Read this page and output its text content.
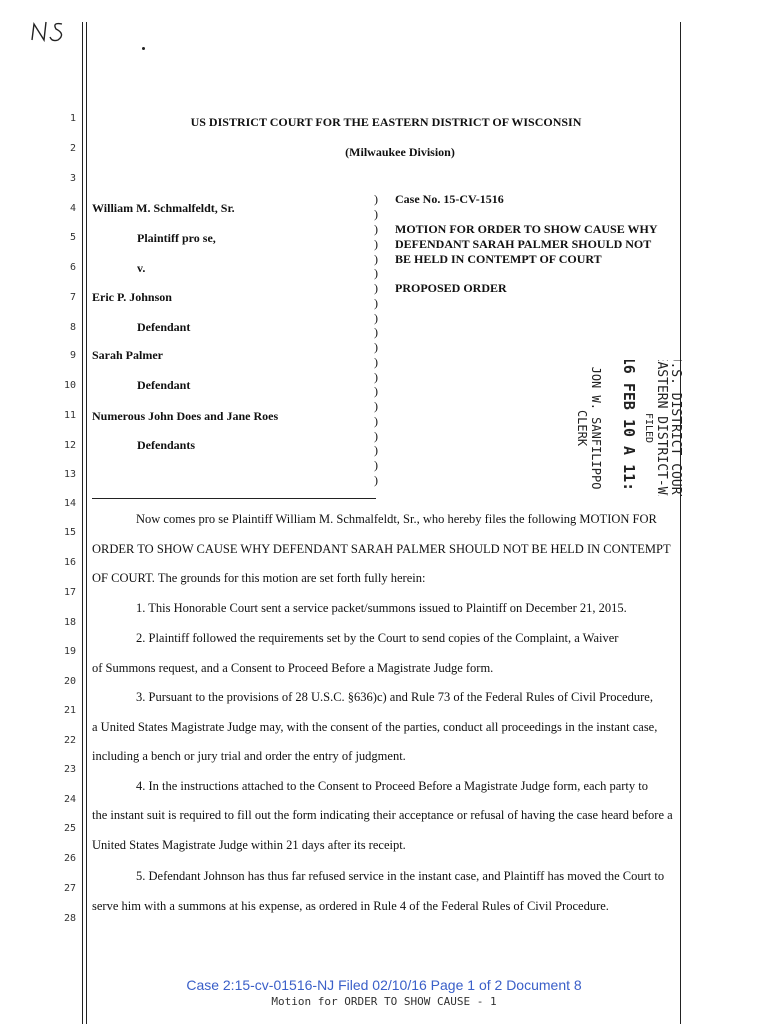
1
2
3
4
5
6
7
8
9
10
11
12
13
14
15
16
17
18
19
20
21
22
23
24
25
26
27
28
US DISTRICT COURT FOR THE EASTERN DISTRICT OF WISCONSIN
(Milwaukee Division)
William M. Schmalfeldt, Sr.
Plaintiff pro se,
v.
Eric P. Johnson
Defendant
Sarah Palmer
Defendant
Numerous John Does and Jane Roes
Defendants
)
)
)
)
)
)
)
)
)
)
)
)
)
)
)
)
)
)
)
)
Case No. 15-CV-1516
MOTION FOR ORDER TO SHOW CAUSE WHY
DEFENDANT SARAH PALMER SHOULD NOT
BE HELD IN CONTEMPT OF COURT
PROPOSED ORDER
U.S. DISTRICT COURT
EASTERN DISTRICT-WI
FILED
2016 FEB 10 A 11: 19
JON W. SANFILIPPO
CLERK
Now comes pro se Plaintiff William M. Schmalfeldt, Sr., who hereby files the following MOTION FOR
ORDER TO SHOW CAUSE WHY DEFENDANT SARAH PALMER SHOULD NOT BE HELD IN CONTEMPT
OF COURT. The grounds for this motion are set forth fully herein:
1. This Honorable Court sent a service packet/summons issued to Plaintiff on December 21, 2015.
2. Plaintiff followed the requirements set by the Court to send copies of the Complaint, a Waiver
of Summons request, and a Consent to Proceed Before a Magistrate Judge form.
3. Pursuant to the provisions of 28 U.S.C. §636)c) and Rule 73 of the Federal Rules of Civil Procedure,
a United States Magistrate Judge may, with the consent of the parties, conduct all proceedings in the instant case,
including a bench or jury trial and order the entry of judgment.
4. In the instructions attached to the Consent to Proceed Before a Magistrate Judge form, each party to
the instant suit is required to fill out the form indicating their acceptance or refusal of having the case heard before a
United States Magistrate Judge within 21 days after its receipt.
5. Defendant Johnson has thus far refused service in the instant case, and Plaintiff has moved the Court to
serve him with a summons at his expense, as ordered in Rule 4 of the Federal Rules of Civil Procedure.
Case 2:15-cv-01516-NJ Filed 02/10/16 Page 1 of 2 Document 8
Motion for ORDER TO SHOW CAUSE - 1
